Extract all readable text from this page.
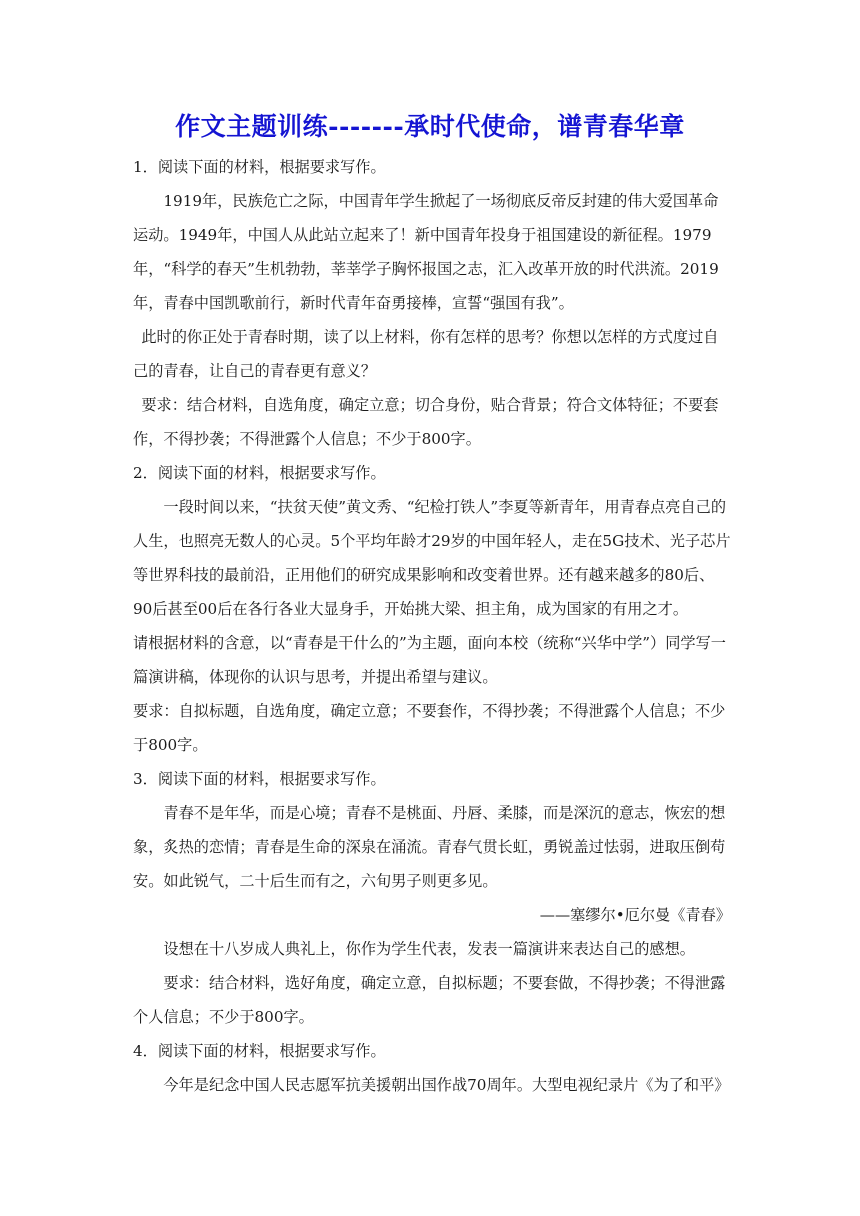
作文主题训练-------承时代使命，谱青春华章

1．阅读下面的材料，根据要求写作。

1919年，民族危亡之际，中国青年学生掀起了一场彻底反帝反封建的伟大爱国革命运动。1949年，中国人从此站立起来了！新中国青年投身于祖国建设的新征程。1979年，“科学的春天”生机勃勃，莘莘学子胸怀报国之志，汇入改革开放的时代洪流。2019年，青春中国凯歌前行，新时代青年奋勇接棒，宣誓“强国有我”。

此时的你正处于青春时期，读了以上材料，你有怎样的思考？你想以怎样的方式度过自己的青春，让自己的青春更有意义？

要求：结合材料，自选角度，确定立意；切合身份，贴合背景；符合文体特征；不要套作，不得抄袭；不得泄露个人信息；不少于800字。

2．阅读下面的材料，根据要求写作。

一段时间以来，“扶贫天使”黄文秀、“纪检打铁人”李夏等新青年，用青春点亮自己的人生，也照亮无数人的心灵。5个平均年龄才29岁的中国年轻人，走在5G技术、光子芯片等世界科技的最前沿，正用他们的研究成果影响和改变着世界。还有越来越多的80后、90后甚至00后在各行各业大显身手，开始挑大梁、担主角，成为国家的有用之才。

请根据材料的含意，以“青春是干什么的”为主题，面向本校（统称“兴华中学”）同学写一篇演讲稿，体现你的认识与思考，并提出希望与建议。

要求：自拟标题，自选角度，确定立意；不要套作，不得抄袭；不得泄露个人信息；不少于800字。

3．阅读下面的材料，根据要求写作。

青春不是年华，而是心境；青春不是桃面、丹唇、柔膝，而是深沉的意志，恢宏的想象，炙热的恋情；青春是生命的深泉在涌流。青春气贯长虹，勇锐盖过怯弱，进取压倒苟安。如此锐气，二十后生而有之，六旬男子则更多见。

——塞缪尔•厄尔曼《青春》

设想在十八岁成人典礼上，你作为学生代表，发表一篇演讲来表达自己的感想。

要求：结合材料，选好角度，确定立意，自拟标题；不要套做，不得抄袭；不得泄露个人信息；不少于800字。

4．阅读下面的材料，根据要求写作。

今年是纪念中国人民志愿军抗美援朝出国作战70周年。大型电视纪录片《为了和平》
